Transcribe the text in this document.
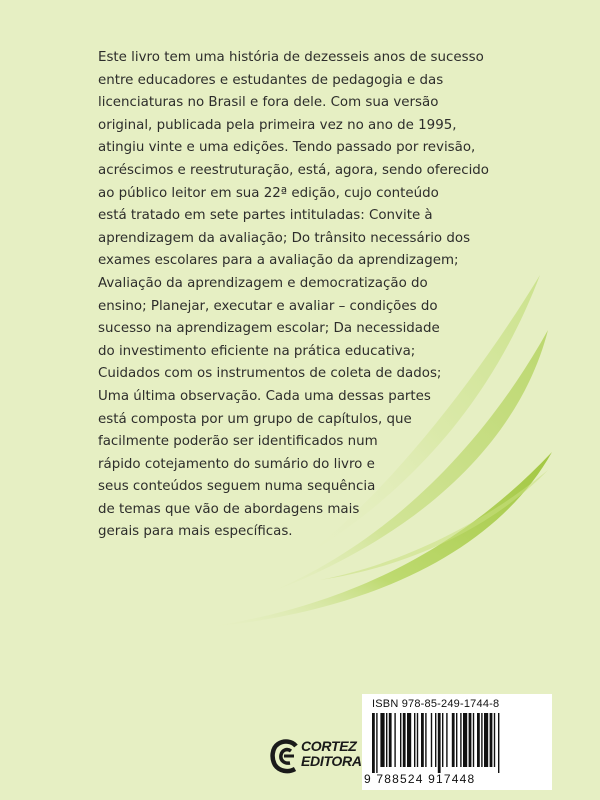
Este livro tem uma história de dezesseis anos de sucesso
entre educadores e estudantes de pedagogia e das
licenciaturas no Brasil e fora dele. Com sua versão
original, publicada pela primeira vez no ano de 1995,
atingiu vinte e uma edições. Tendo passado por revisão,
acréscimos e reestruturação, está, agora, sendo oferecido
ao público leitor em sua 22ª edição, cujo conteúdo
está tratado em sete partes intituladas: Convite à
aprendizagem da avaliação; Do trânsito necessário dos
exames escolares para a avaliação da aprendizagem;
Avaliação da aprendizagem e democratização do
ensino; Planejar, executar e avaliar – condições do
sucesso na aprendizagem escolar; Da necessidade
do investimento eficiente na prática educativa;
Cuidados com os instrumentos de coleta de dados;
Uma última observação. Cada uma dessas partes
está composta por um grupo de capítulos, que
facilmente poderão ser identificados num
rápido cotejamento do sumário do livro e
seus conteúdos seguem numa sequência
de temas que vão de abordagens mais
gerais para mais específicas.

CORTEZ
EDITORA
ISBN 978-85-249-1744-8
9 788524 917448
